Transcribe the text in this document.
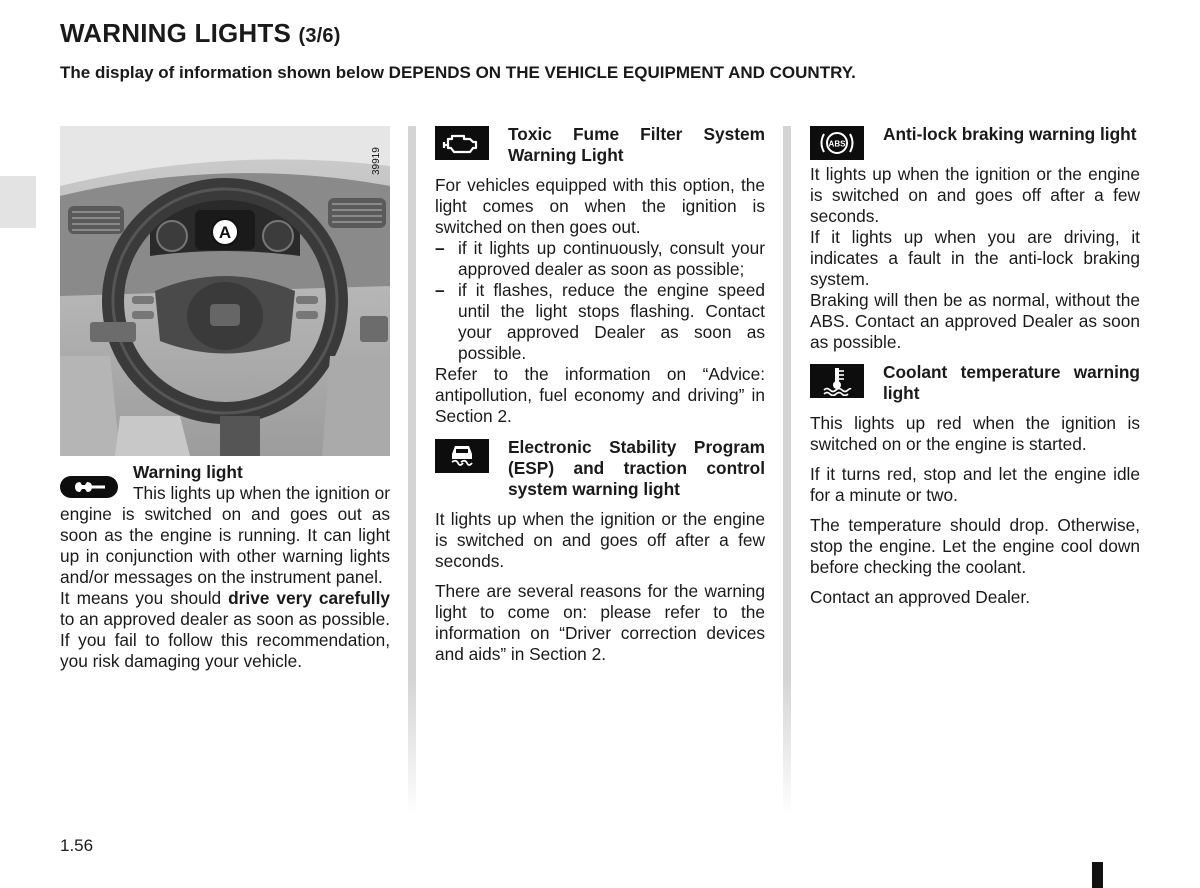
WARNING LIGHTS (3/6)
The display of information shown below DEPENDS ON THE VEHICLE EQUIPMENT AND COUNTRY.
A
39919

Warning light

This lights up when the ignition or engine is switched on and goes out as soon as the engine is running. It can light up in conjunction with other warning lights and/or messages on the instrument panel.

It means you should drive very carefully to an approved dealer as soon as possible. If you fail to follow this recommendation, you risk damaging your vehicle.

Toxic Fume Filter System Warning Light

For vehicles equipped with this option, the light comes on when the ignition is switched on then goes out.

– if it lights up continuously, consult your approved dealer as soon as possible;

– if it flashes, reduce the engine speed until the light stops flashing. Contact your approved Dealer as soon as possible.

Refer to the information on “Advice: antipollution, fuel economy and driving” in Section 2.

Electronic Stability Program (ESP) and traction control system warning light

It lights up when the ignition or the engine is switched on and goes off after a few seconds.

There are several reasons for the warning light to come on: please refer to the information on “Driver correction devices and aids” in Section 2.

ABS	Anti-lock braking warning light

It lights up when the ignition or the engine is switched on and goes off after a few seconds.

If it lights up when you are driving, it indicates a fault in the anti-lock braking system.

Braking will then be as normal, without the ABS. Contact an approved Dealer as soon as possible.

Coolant temperature warning light

This lights up red when the ignition is switched on or the engine is started.

If it turns red, stop and let the engine idle for a minute or two.

The temperature should drop. Otherwise, stop the engine. Let the engine cool down before checking the coolant.

Contact an approved Dealer.

1.56
